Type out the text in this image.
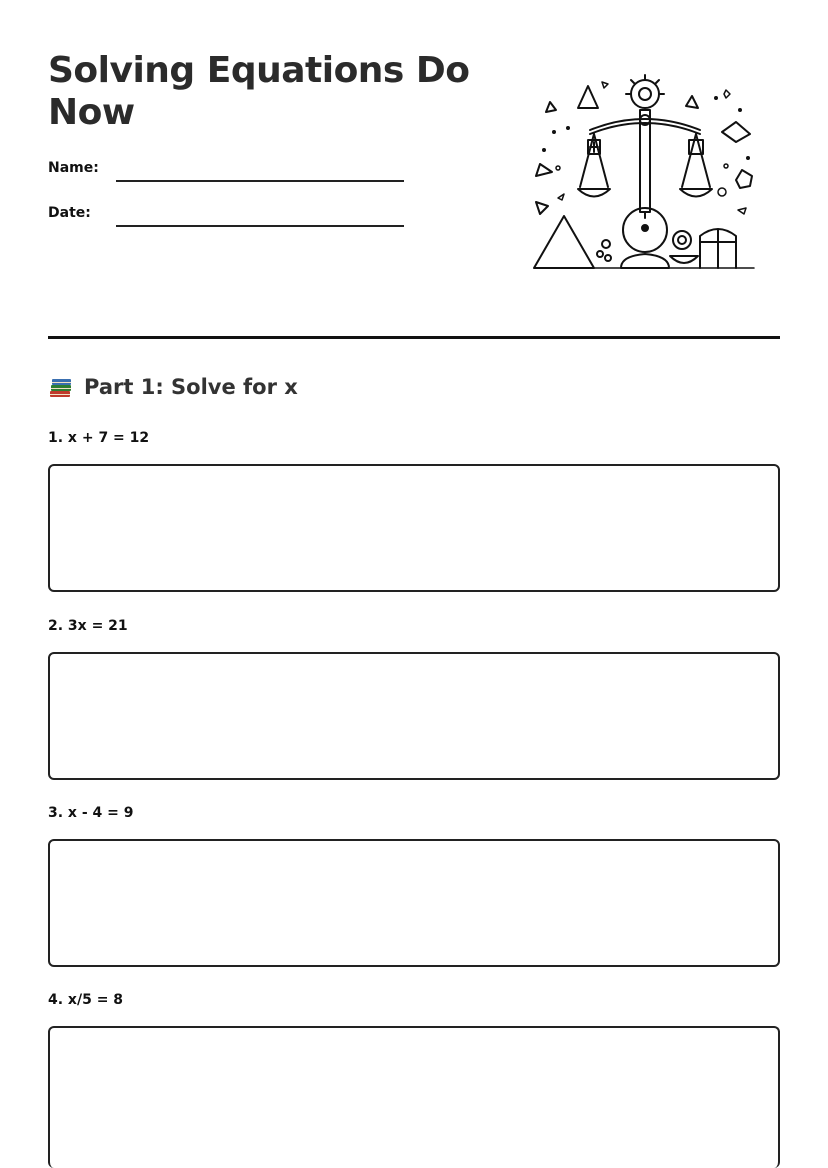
Solving Equations Do Now
Name:
Date:
Part 1: Solve for x
1. x + 7 = 12
2. 3x = 21
3. x - 4 = 9
4. x/5 = 8
